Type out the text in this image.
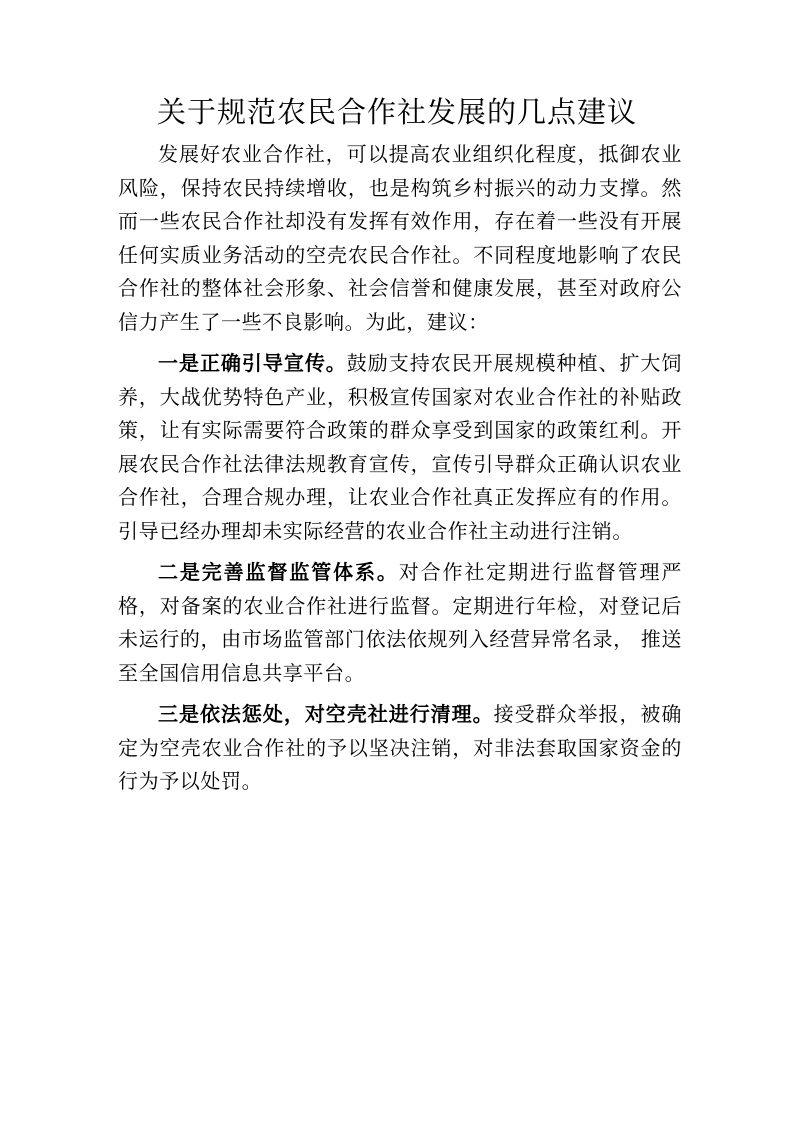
关于规范农民合作社发展的几点建议

发展好农业合作社，可以提高农业组织化程度，抵御农业风险，保持农民持续增收，也是构筑乡村振兴的动力支撑。然而一些农民合作社却没有发挥有效作用，存在着一些没有开展任何实质业务活动的空壳农民合作社。不同程度地影响了农民合作社的整体社会形象、社会信誉和健康发展，甚至对政府公信力产生了一些不良影响。为此，建议：

一是正确引导宣传。鼓励支持农民开展规模种植、扩大饲养，大战优势特色产业，积极宣传国家对农业合作社的补贴政策，让有实际需要符合政策的群众享受到国家的政策红利。开展农民合作社法律法规教育宣传，宣传引导群众正确认识农业合作社，合理合规办理，让农业合作社真正发挥应有的作用。引导已经办理却未实际经营的农业合作社主动进行注销。

二是完善监督监管体系。对合作社定期进行监督管理严格，对备案的农业合作社进行监督。定期进行年检，对登记后未运行的，由市场监管部门依法依规列入经营异常名录， 推送至全国信用信息共享平台。

三是依法惩处，对空壳社进行清理。接受群众举报，被确定为空壳农业合作社的予以坚决注销，对非法套取国家资金的行为予以处罚。
